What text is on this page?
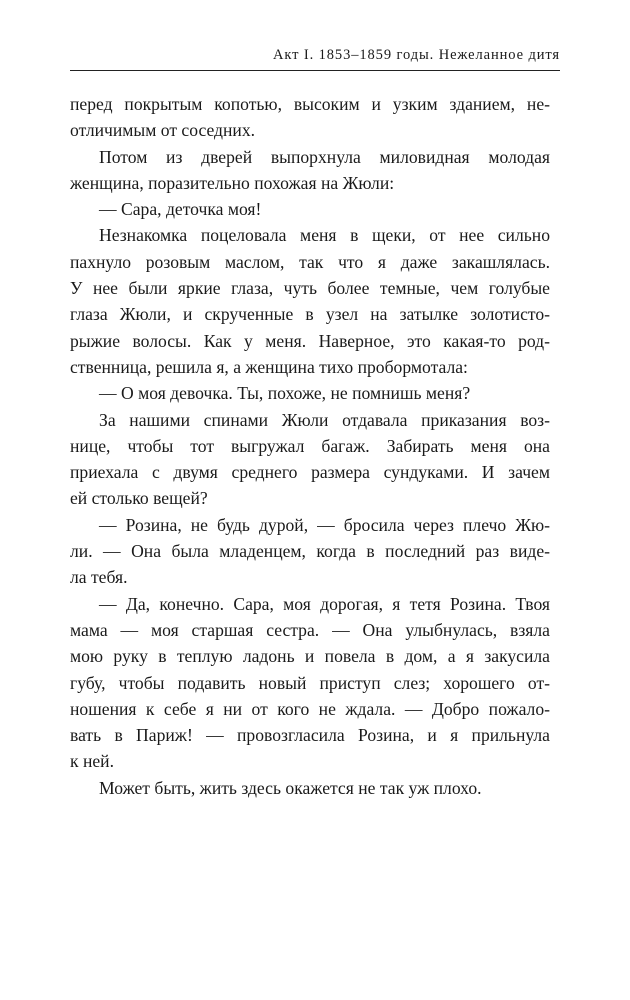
Акт I. 1853–1859 годы. Нежеланное дитя
перед покрытым копотью, высоким и узким зданием, не-
отличимым от соседних.
Потом из дверей выпорхнула миловидная молодая
женщина, поразительно похожая на Жюли:
— Сара, деточка моя!
Незнакомка поцеловала меня в щеки, от нее сильно
пахнуло розовым маслом, так что я даже закашлялась.
У нее были яркие глаза, чуть более темные, чем голубые
глаза Жюли, и скрученные в узел на затылке золотисто-
рыжие волосы. Как у меня. Наверное, это какая-то род-
ственница, решила я, а женщина тихо пробормотала:
— О моя девочка. Ты, похоже, не помнишь меня?
За нашими спинами Жюли отдавала приказания воз-
нице, чтобы тот выгружал багаж. Забирать меня она
приехала с двумя среднего размера сундуками. И зачем
ей столько вещей?
— Розина, не будь дурой, — бросила через плечо Жю-
ли. — Она была младенцем, когда в последний раз виде-
ла тебя.
— Да, конечно. Сара, моя дорогая, я тетя Розина. Твоя
мама — моя старшая сестра. — Она улыбнулась, взяла
мою руку в теплую ладонь и повела в дом, а я закусила
губу, чтобы подавить новый приступ слез; хорошего от-
ношения к себе я ни от кого не ждала. — Добро пожало-
вать в Париж! — провозгласила Розина, и я прильнула
к ней.
Может быть, жить здесь окажется не так уж плохо.
